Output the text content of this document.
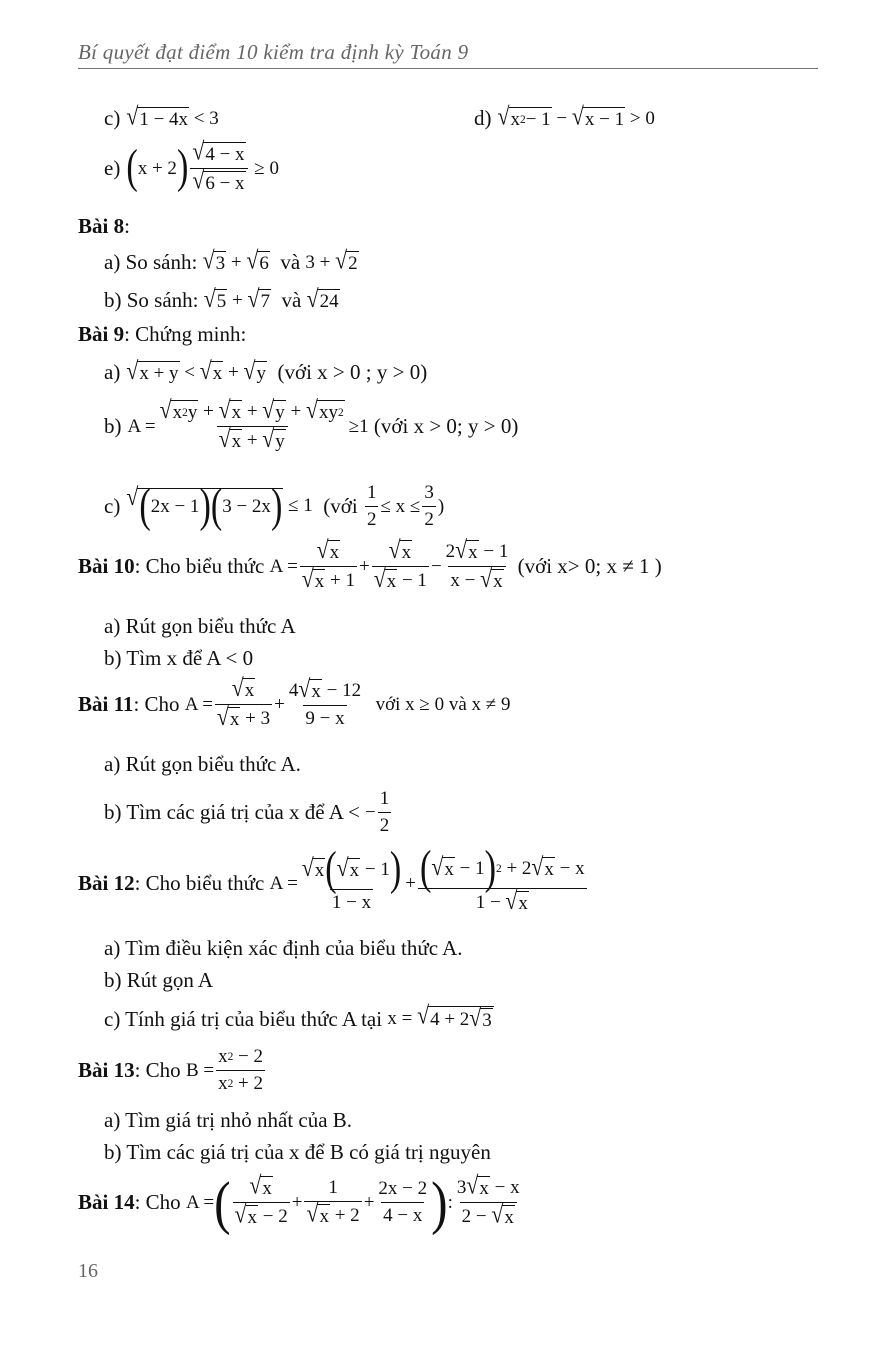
Bí quyết đạt điểm 10 kiểm tra định kỳ Toán 9
c) √ 1 − 4x < 3	d) √ x 2 − 1 − √ x − 1 > 0
e) ( x + 2 ) √ 4 − x
√ 6 − x
≥ 0
Bài 8 :
a)
So sánh:
√ 3 + √ 6
và
3 + √ 2
b)
So sánh:
√ 5 + √ 7
và
√ 24
Bài 9 : Chứng minh:
a) √ x + y < √ x + √ y
(với x > 0 ; y > 0)
b) A =
√ x 2 y + √ x + √ y + √ xy 2
√ x + √ y
≥1
(với x > 0; y > 0)
c) √ ( 2x − 1 )( 3 − 2x ) ≤ 1
(với

1
2
≤ x ≤
3
2
)
Bài 10 : Cho biểu thức
A =
√ x
√ x + 1
+
√ x
√ x − 1
−
2 √ x − 1
x − √ x

(với x> 0; x ≠ 1 )
a) Rút gọn biểu thức A
b) Tìm x để A < 0
Bài 11 : Cho
A =
√ x
√ x + 3
+
4 √ x − 12
9 − x

với x ≥ 0 và x ≠ 9
a) Rút gọn biểu thức A.
b) Tìm các giá trị của x để A <
−
1
2
Bài 12 : Cho biểu thức
A =
√ x ( √ x − 1 )
1 − x
+ ( √ x − 1 ) 2 + 2 √ x − x
1 − √ x
a) Tìm điều kiện xác định của biểu thức A.
b) Rút gọn A
c) Tính giá trị của biểu thức A tại
x = √ 4 + 2 √ 3
Bài 13 : Cho
B =
x 2 − 2
x 2 + 2
a) Tìm giá trị nhỏ nhất của B.
b) Tìm các giá trị của x để B có giá trị nguyên
Bài 14 : Cho
A = ( √ x
√ x − 2
+
1
√ x + 2
+
2x − 2
4 − x ) :
3 √ x − x
2 − √ x
16
